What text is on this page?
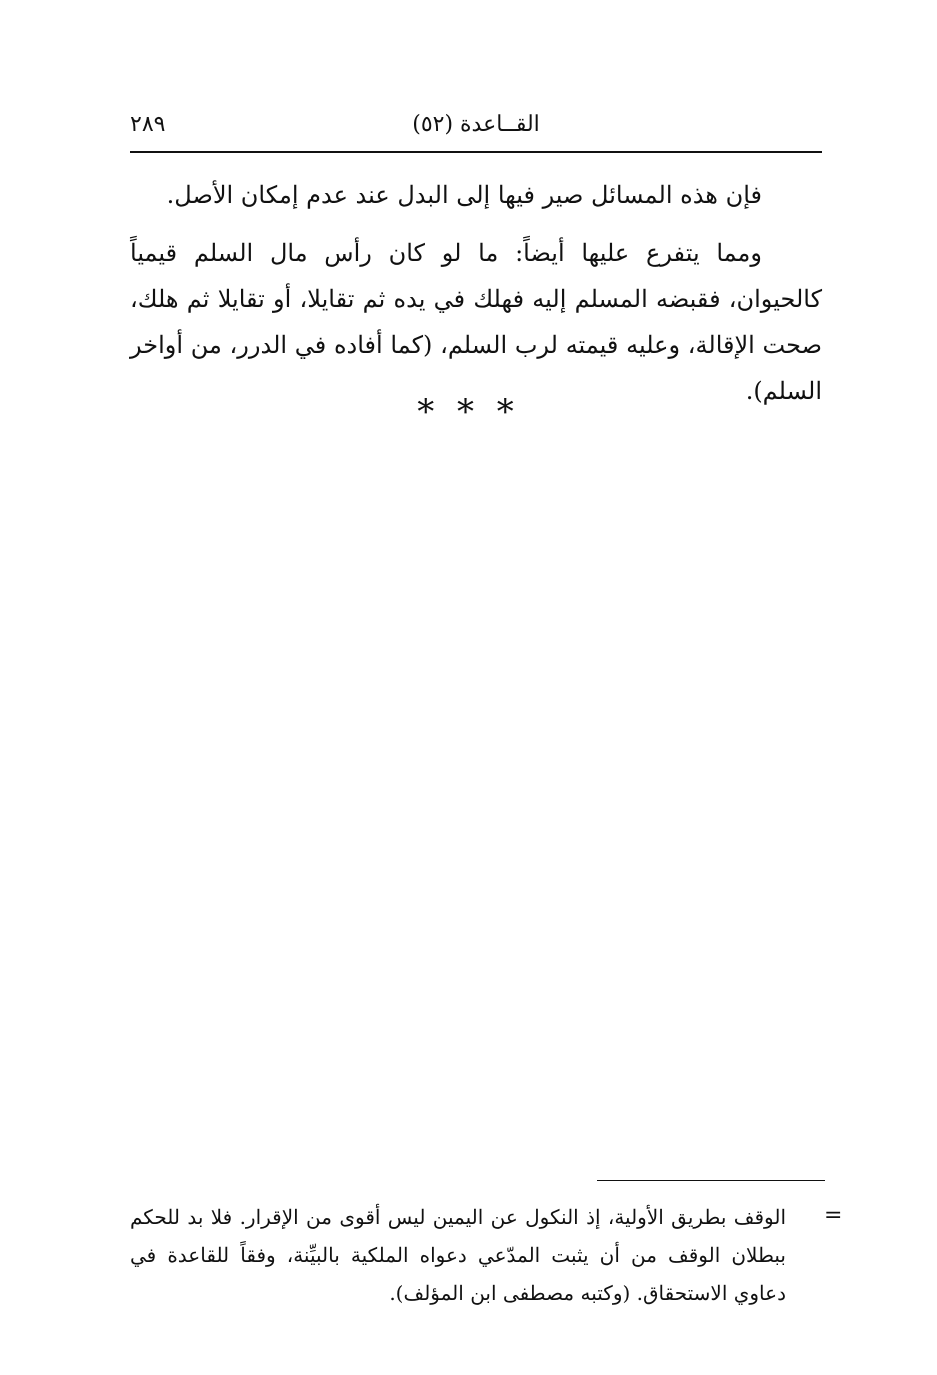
٢٨٩	القــاعدة (٥٢)

فإن هذه المسائل صير فيها إلى البدل عند عدم إمكان الأصل.

ومما يتفرع عليها أيضاً: ما لو كان رأس مال السلم قيمياً كالحيوان، فقبضه المسلم إليه فهلك في يده ثم تقايلا، أو تقايلا ثم هلك، صحت الإقالة، وعليه قيمته لرب السلم، (كما أفاده في الدرر، من أواخر السلم).

* * *
=
الوقف بطريق الأولية، إذ النكول عن اليمين ليس أقوى من الإقرار. فلا بد للحكم ببطلان الوقف من أن يثبت المدّعي دعواه الملكية بالبيِّنة، وفقاً للقاعدة في دعاوي الاستحقاق. (وكتبه مصطفى ابن المؤلف).
